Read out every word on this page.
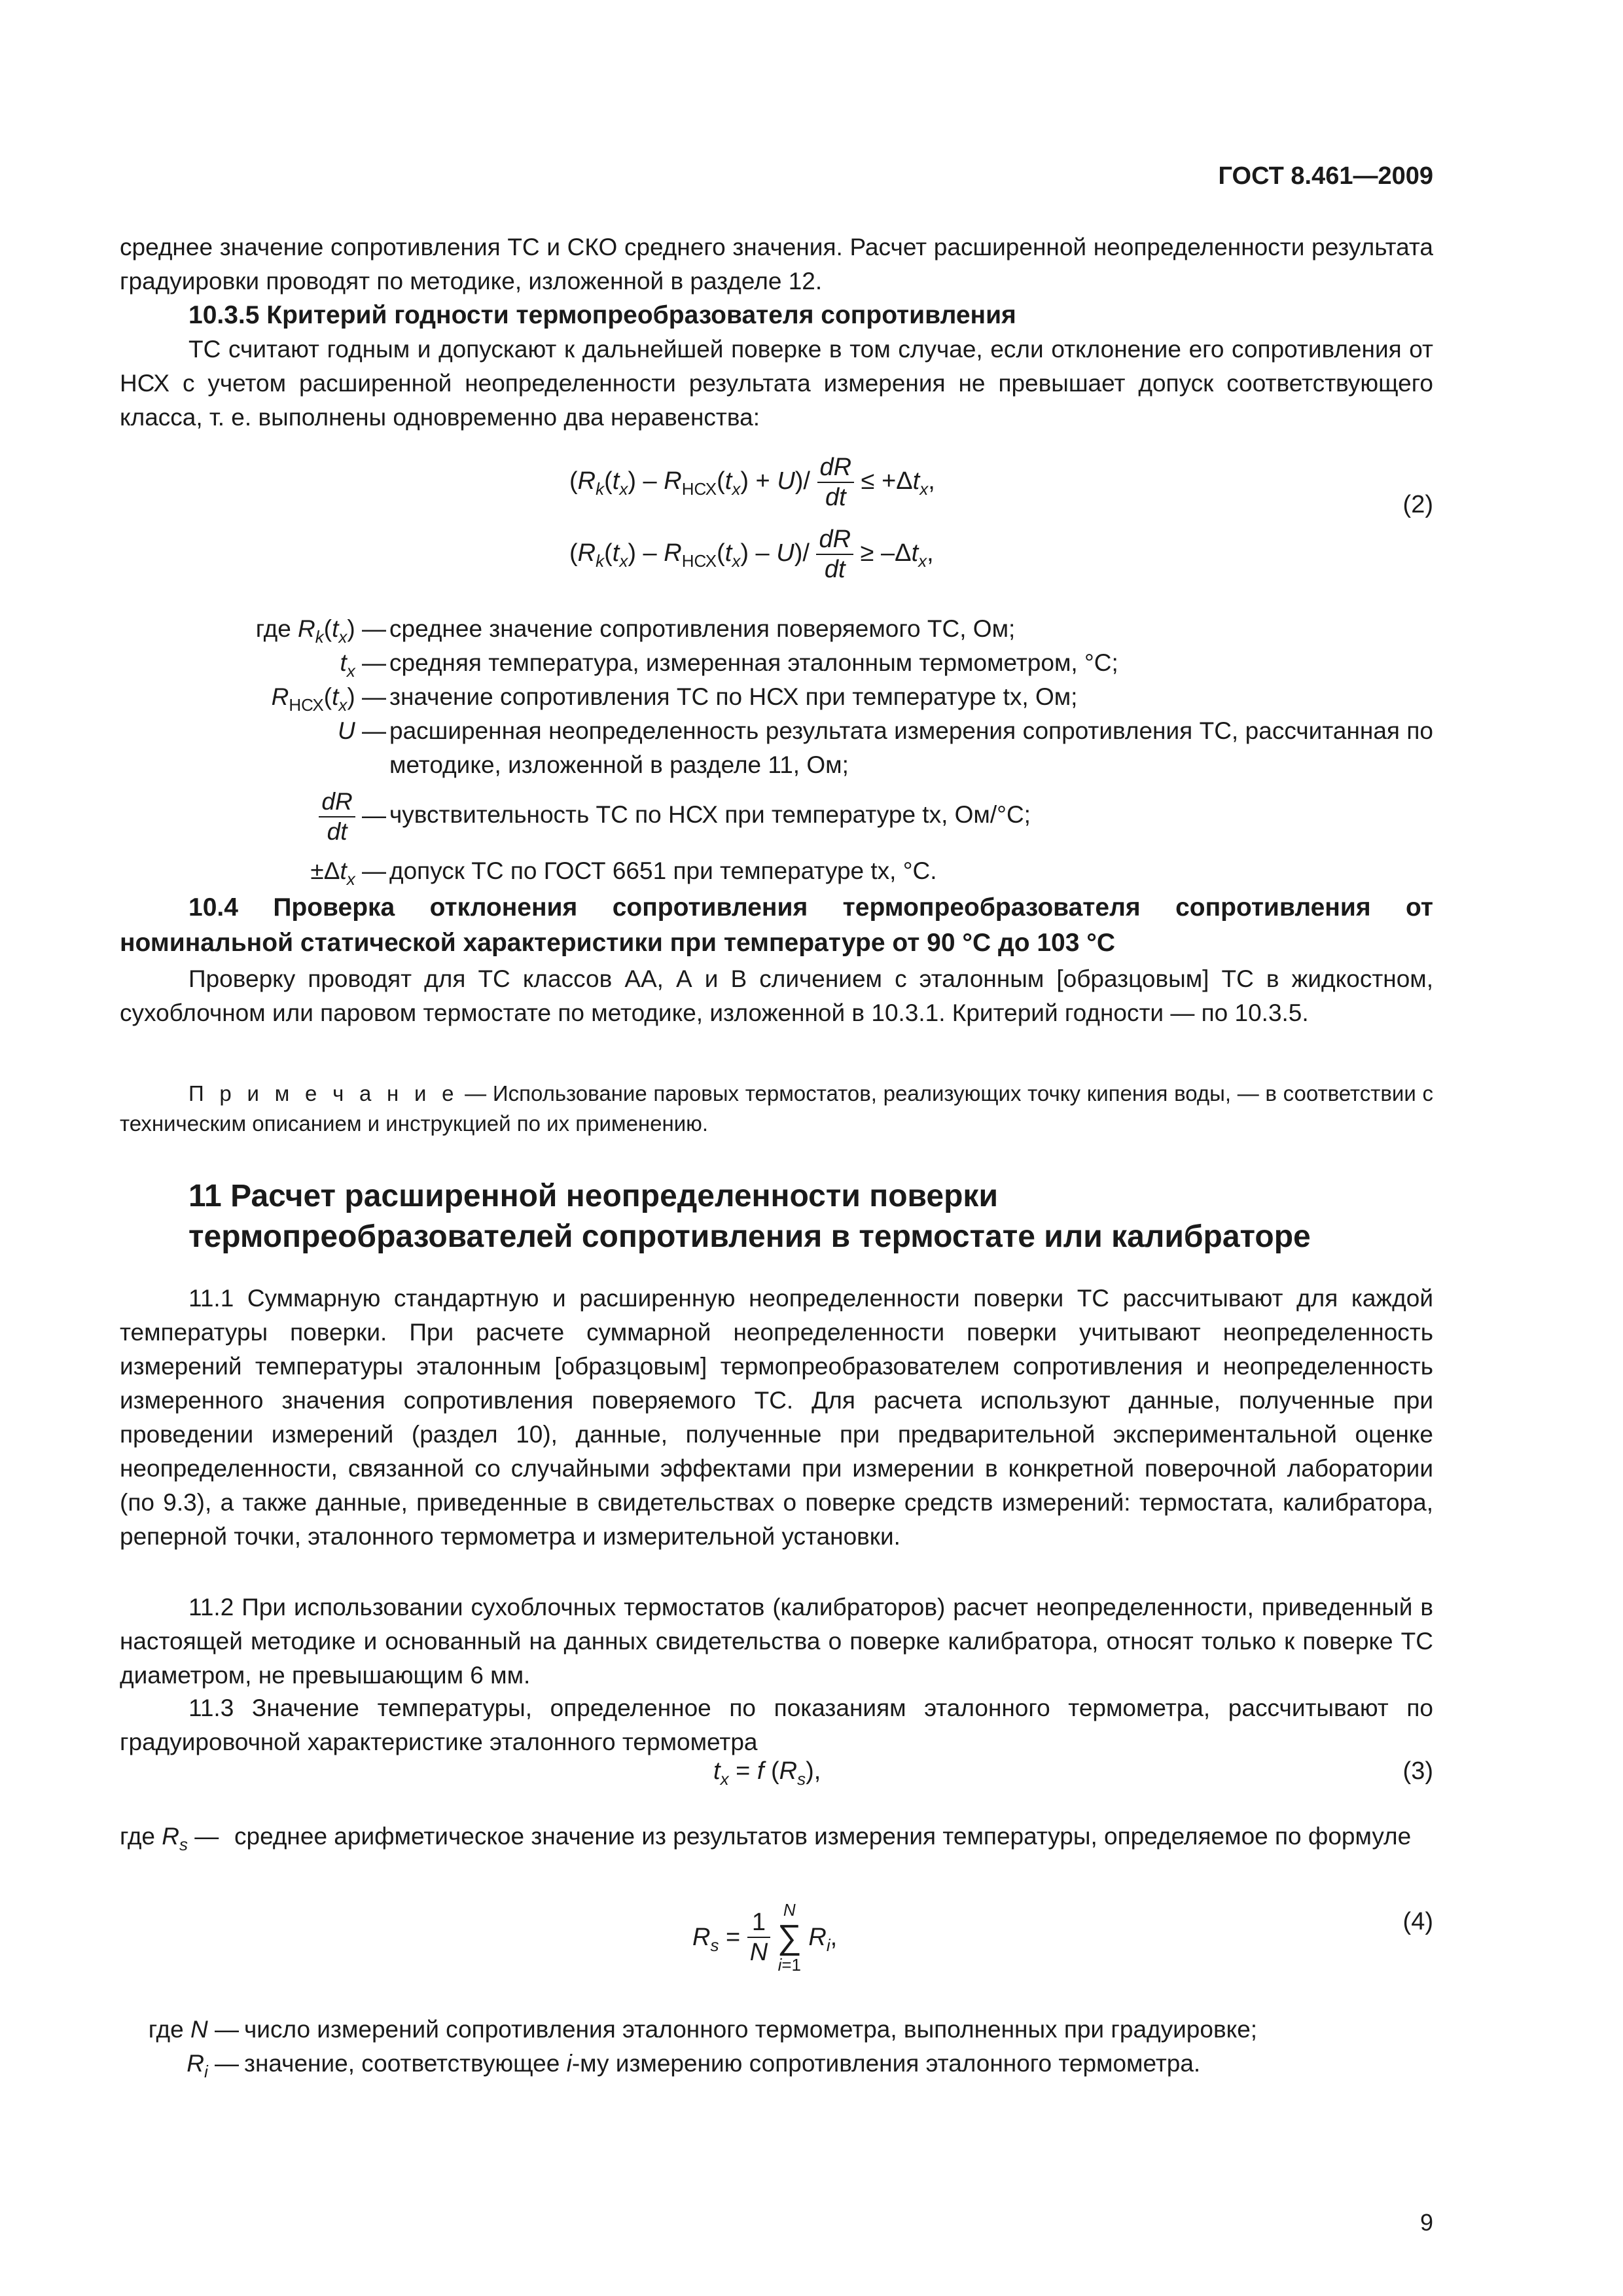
ГОСТ 8.461—2009
среднее значение сопротивления ТС и СКО среднего значения. Расчет расширенной неопределенности результата градуировки проводят по методике, изложенной в разделе 12.
10.3.5 Критерий годности термопреобразователя сопротивления
ТС считают годным и допускают к дальнейшей поверке в том случае, если отклонение его сопротивления от НСХ с учетом расширенной неопределенности результата измерения не превышает допуск соответствующего класса, т. е. выполнены одновременно два неравенства:
$(R_k(t_x) - R_{НСХ}(t_x) + U)/ \frac{dR}{dt} \le +\Delta t_x$,
$(R_k(t_x) - R_{НСХ}(t_x) - U)/ \frac{dR}{dt} \ge -\Delta t_x$,
(2)
где $R_k(t_x)$ — среднее значение сопротивления поверяемого ТС, Ом;
$t_x$ — средняя температура, измеренная эталонным термометром, °С;
$R_{НСХ}(t_x)$ — значение сопротивления ТС по НСХ при температуре tx, Ом;
U — расширенная неопределенность результата измерения сопротивления ТС, рассчитанная по методике, изложенной в разделе 11, Ом;
$\frac{dR}{dt}$ — чувствительность ТС по НСХ при температуре tx, Ом/°С;
$\pm\Delta t_x$ — допуск ТС по ГОСТ 6651 при температуре tx, °С.
10.4 Проверка отклонения сопротивления термопреобразователя сопротивления от номинальной статической характеристики при температуре от 90 °С до 103 °С
Проверку проводят для ТС классов АА, А и В сличением с эталонным [образцовым] ТС в жидкостном, сухоблочном или паровом термостате по методике, изложенной в 10.3.1. Критерий годности — по 10.3.5.
П р и м е ч а н и е — Использование паровых термостатов, реализующих точку кипения воды, — в соответствии с техническим описанием и инструкцией по их применению.
11 Расчет расширенной неопределенности поверки
термопреобразователей сопротивления в термостате или калибраторе
11.1 Суммарную стандартную и расширенную неопределенности поверки ТС рассчитывают для каждой температуры поверки. При расчете суммарной неопределенности поверки учитывают неопределенность измерений температуры эталонным [образцовым] термопреобразователем сопротивления и неопределенность измеренного значения сопротивления поверяемого ТС. Для расчета используют данные, полученные при проведении измерений (раздел 10), данные, полученные при предварительной экспериментальной оценке неопределенности, связанной со случайными эффектами при измерении в конкретной поверочной лаборатории (по 9.3), а также данные, приведенные в свидетельствах о поверке средств измерений: термостата, калибратора, реперной точки, эталонного термометра и измерительной установки.
11.2 При использовании сухоблочных термостатов (калибраторов) расчет неопределенности, приведенный в настоящей методике и основанный на данных свидетельства о поверке калибратора, относят только к поверке ТС диаметром, не превышающим 6 мм.
11.3 Значение температуры, определенное по показаниям эталонного термометра, рассчитывают по градуировочной характеристике эталонного термометра
$t_x = f$ $(R_s)$,	(3)
где $R_s$ — среднее арифметическое значение из результатов измерения температуры, определяемое по формуле
$R_s = \frac{1}{N}$
N
∑
i=1
$R_i$,
(4)
где N — число измерений сопротивления эталонного термометра, выполненных при градуировке;
$R_i$ — значение, соответствующее i-му измерению сопротивления эталонного термометра.
9
